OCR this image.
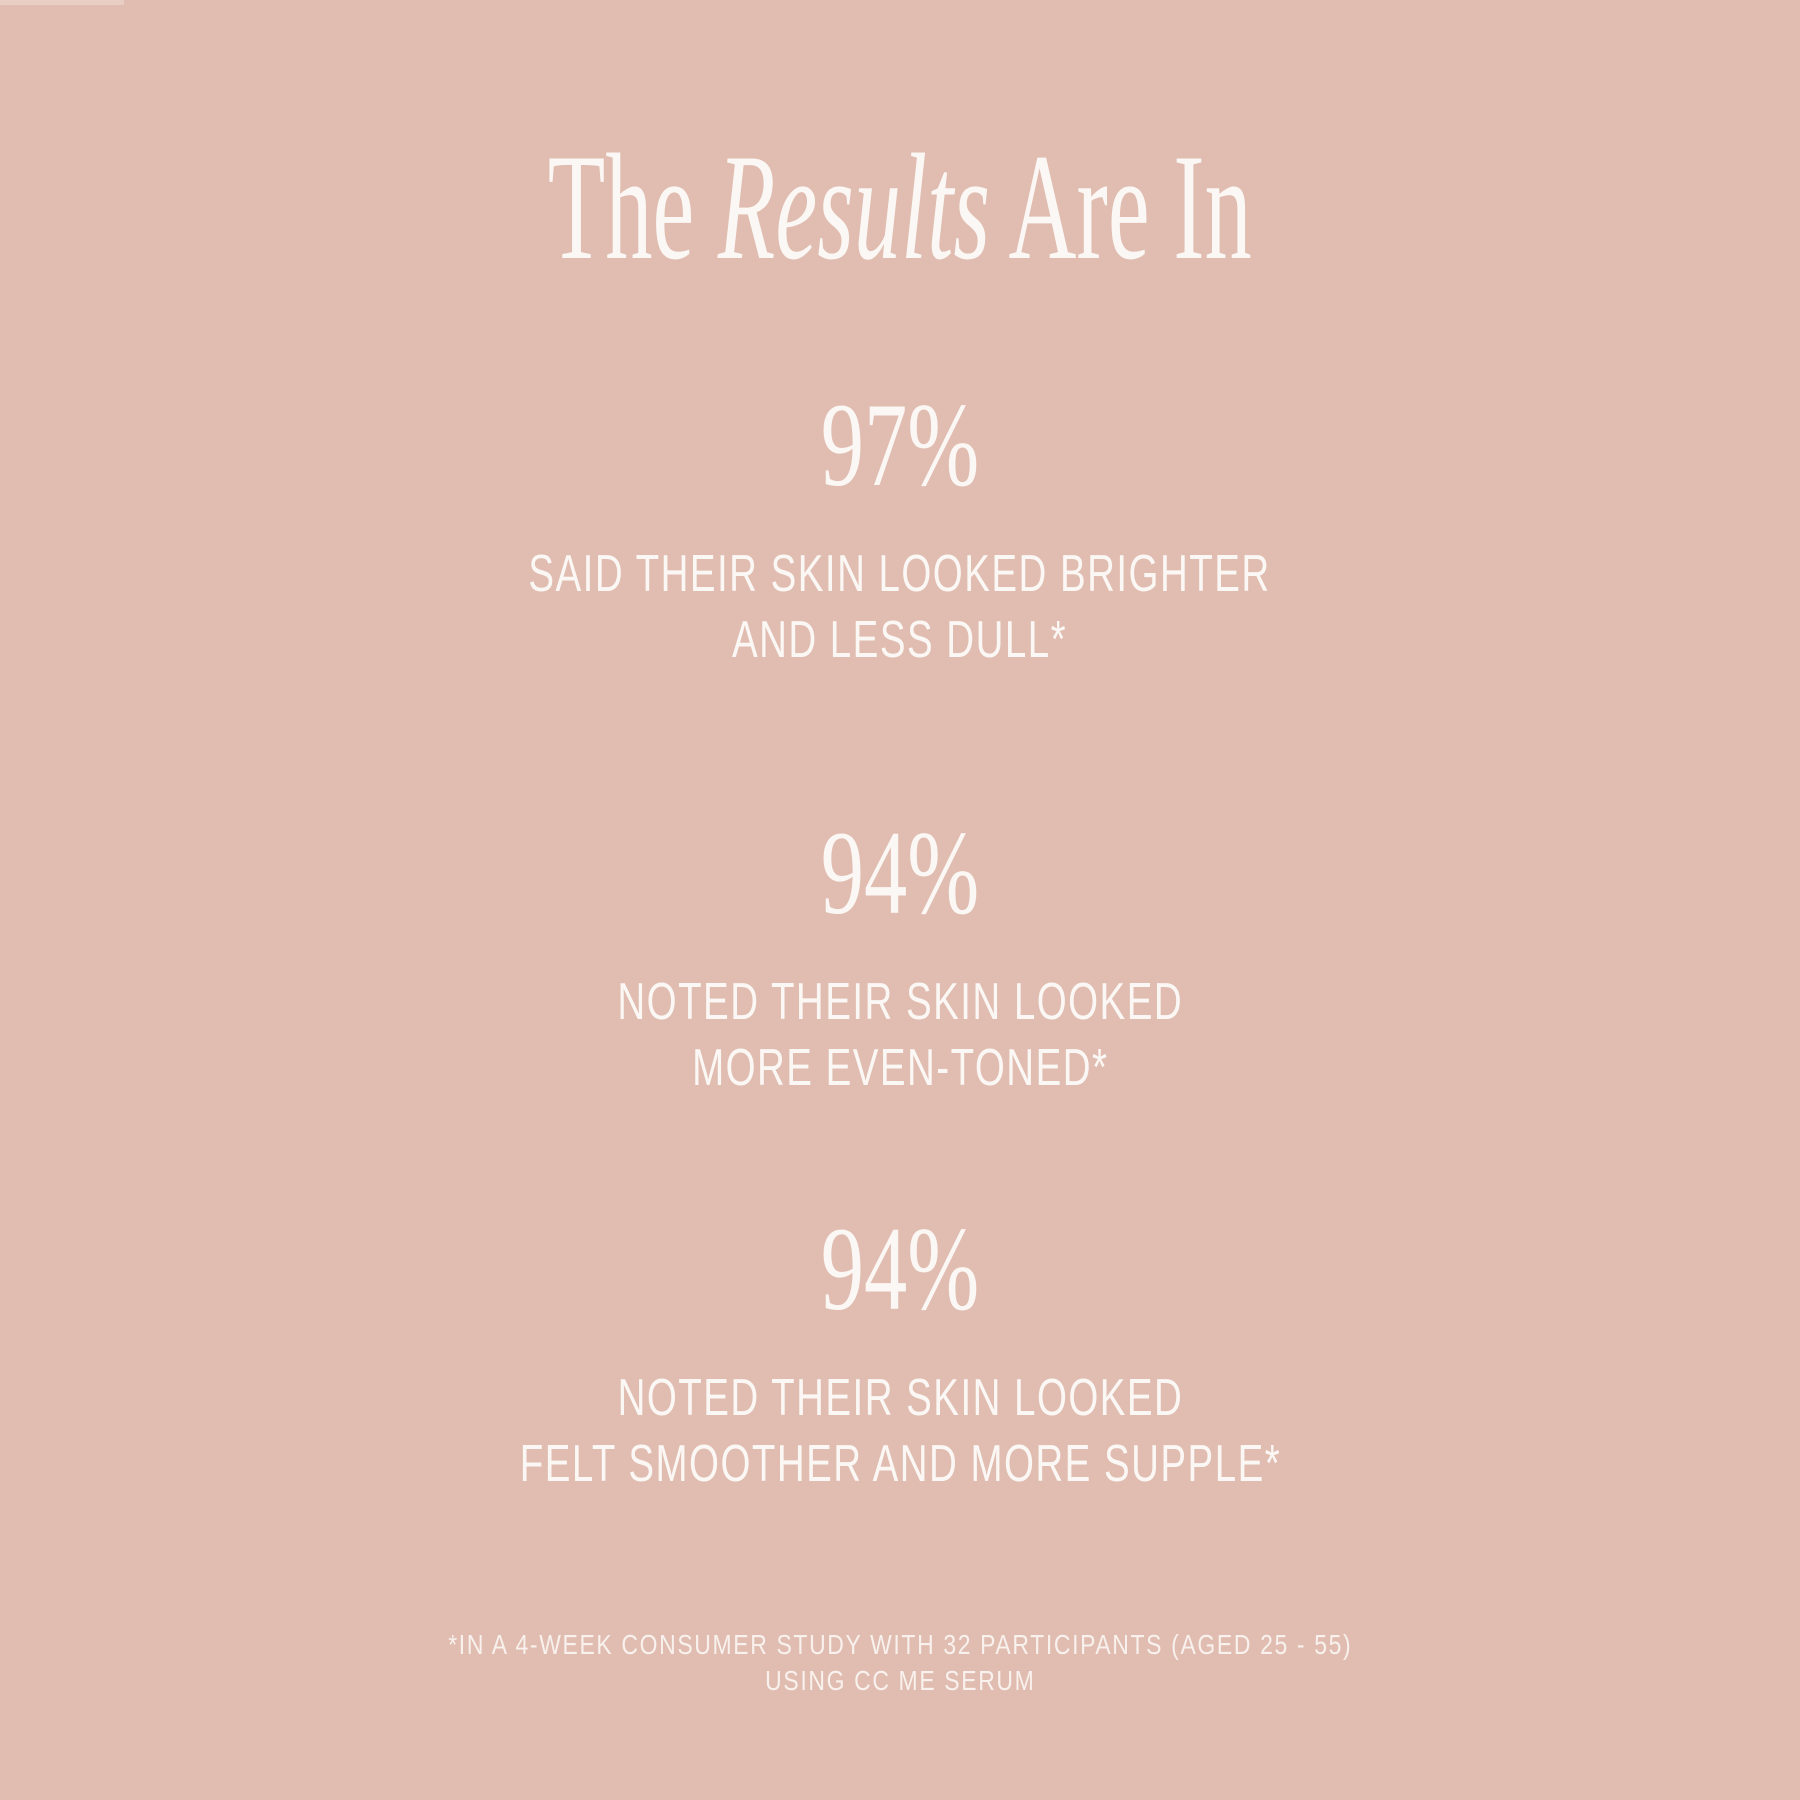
The Results Are In
97%
SAID THEIR SKIN LOOKED BRIGHTER
AND LESS DULL*
94%
NOTED THEIR SKIN LOOKED
MORE EVEN-TONED*
94%
NOTED THEIR SKIN LOOKED
FELT SMOOTHER AND MORE SUPPLE*
*IN A 4-WEEK CONSUMER STUDY WITH 32 PARTICIPANTS (AGED 25 - 55)
USING CC ME SERUM
